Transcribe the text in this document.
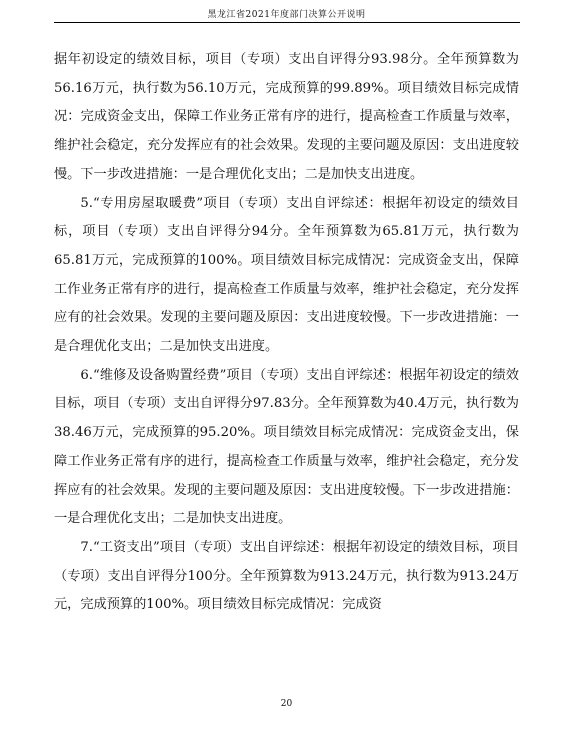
黑龙江省2021年度部门决算公开说明

据年初设定的绩效目标，项目（专项）支出自评得分93.98分。全年预算数为56.16万元，执行数为56.10万元，完成预算的99.89%。项目绩效目标完成情况：完成资金支出，保障工作业务正常有序的进行，提高检查工作质量与效率，维护社会稳定，充分发挥应有的社会效果。发现的主要问题及原因：支出进度较慢。下一步改进措施：一是合理优化支出；二是加快支出进度。

5.“专用房屋取暖费”项目（专项）支出自评综述：根据年初设定的绩效目标，项目（专项）支出自评得分94分。全年预算数为65.81万元，执行数为65.81万元，完成预算的100%。项目绩效目标完成情况：完成资金支出，保障工作业务正常有序的进行，提高检查工作质量与效率，维护社会稳定，充分发挥应有的社会效果。发现的主要问题及原因：支出进度较慢。下一步改进措施：一是合理优化支出；二是加快支出进度。

6.“维修及设备购置经费”项目（专项）支出自评综述：根据年初设定的绩效目标，项目（专项）支出自评得分97.83分。全年预算数为40.4万元，执行数为38.46万元，完成预算的95.20%。项目绩效目标完成情况：完成资金支出，保障工作业务正常有序的进行，提高检查工作质量与效率，维护社会稳定，充分发挥应有的社会效果。发现的主要问题及原因：支出进度较慢。下一步改进措施：一是合理优化支出；二是加快支出进度。

7.“工资支出”项目（专项）支出自评综述：根据年初设定的绩效目标，项目（专项）支出自评得分100分。全年预算数为913.24万元，执行数为913.24万元，完成预算的100%。项目绩效目标完成情况：完成资

20
